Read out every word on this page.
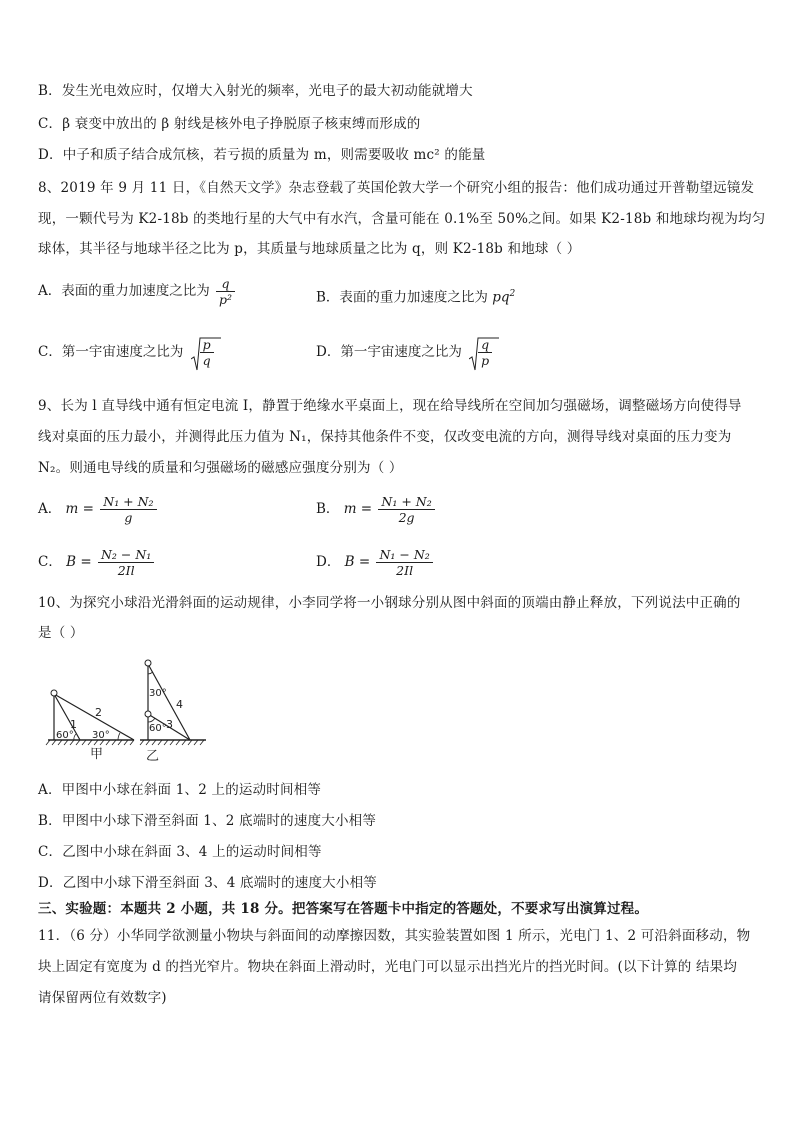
B．发生光电效应时，仅增大入射光的频率，光电子的最大初动能就增大
C．β 衰变中放出的 β 射线是核外电子挣脱原子核束缚而形成的
D．中子和质子结合成氘核，若亏损的质量为 m，则需要吸收 mc² 的能量
8、2019 年 9 月 11 日，《自然天文学》杂志登载了英国伦敦大学一个研究小组的报告：他们成功通过开普勒望远镜发
现，一颗代号为 K2-18b 的类地行星的大气中有水汽，含量可能在 0.1%至 50%之间。如果 K2-18b 和地球均视为均匀
球体，其半径与地球半径之比为 p，其质量与地球质量之比为 q，则 K2-18b 和地球（ ）
A．表面的重力加速度之比为 $\frac{q}{\text{p²}}$	B．表面的重力加速度之比为 $pq^2$
C．第一宇宙速度之比为 $\frac{p}{q}$	D．第一宇宙速度之比为 $\frac{q}{p}$
9、长为 l 直导线中通有恒定电流 I，静置于绝缘水平桌面上，现在给导线所在空间加匀强磁场，调整磁场方向使得导
线对桌面的压力最小，并测得此压力值为 N₁，保持其他条件不变，仅改变电流的方向，测得导线对桌面的压力变为
N₂。则通电导线的质量和匀强磁场的磁感应强度分别为（ ）
A． $m = \frac{\text{N₁ + N₂}}{g}$	B． $m = \frac{\text{N₁ + N₂}}{2g}$
C． $B = \frac{\text{N₂ − N₁}}{2Il}$	D． $B = \frac{\text{N₁ − N₂}}{2Il}$
10、为探究小球沿光滑斜面的运动规律，小李同学将一小钢球分别从图中斜面的顶端由静止释放，下列说法中正确的
是（ ）
1
2
60° 30°
甲
30°
60° 3
4
乙
A．甲图中小球在斜面 1、2 上的运动时间相等
B．甲图中小球下滑至斜面 1、2 底端时的速度大小相等
C．乙图中小球在斜面 3、4 上的运动时间相等
D．乙图中小球下滑至斜面 3、4 底端时的速度大小相等
三、实验题：本题共 2 小题，共 18 分。把答案写在答题卡中指定的答题处，不要求写出演算过程。
11．（6 分）小华同学欲测量小物块与斜面间的动摩擦因数，其实验装置如图 1 所示，光电门 1、2 可沿斜面移动，物
块上固定有宽度为 d 的挡光窄片。物块在斜面上滑动时，光电门可以显示出挡光片的挡光时间。(以下计算的 结果均
请保留两位有效数字)
